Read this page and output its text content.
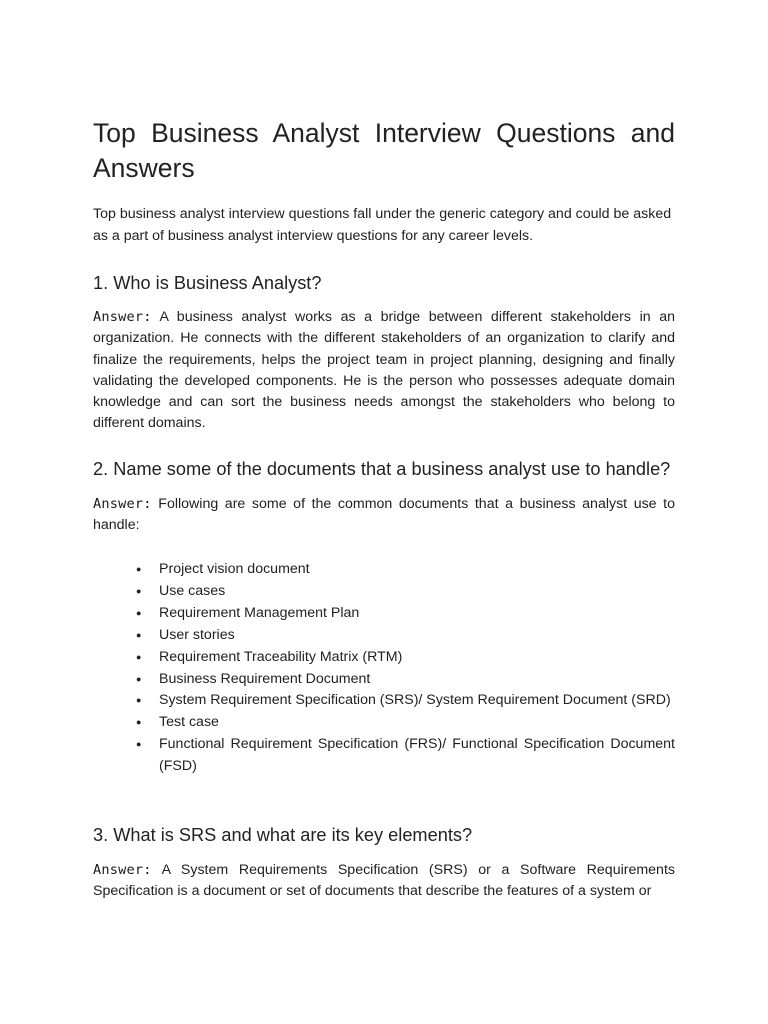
Top Business Analyst Interview Questions and Answers

Top business analyst interview questions fall under the generic category and could be asked as a part of business analyst interview questions for any career levels.

1. Who is Business Analyst?

Answer: A business analyst works as a bridge between different stakeholders in an organization. He connects with the different stakeholders of an organization to clarify and finalize the requirements, helps the project team in project planning, designing and finally validating the developed components. He is the person who possesses adequate domain knowledge and can sort the business needs amongst the stakeholders who belong to different domains.

2. Name some of the documents that a business analyst use to handle?

Answer: Following are some of the common documents that a business analyst use to handle:

● Project vision document
● Use cases
● Requirement Management Plan
● User stories
● Requirement Traceability Matrix (RTM)
● Business Requirement Document
● System Requirement Specification (SRS)/ System Requirement Document (SRD)
● Test case
● Functional Requirement Specification (FRS)/ Functional Specification Document (FSD)
3. What is SRS and what are its key elements?

Answer: A System Requirements Specification (SRS) or a Software Requirements Specification is a document or set of documents that describe the features of a system or
